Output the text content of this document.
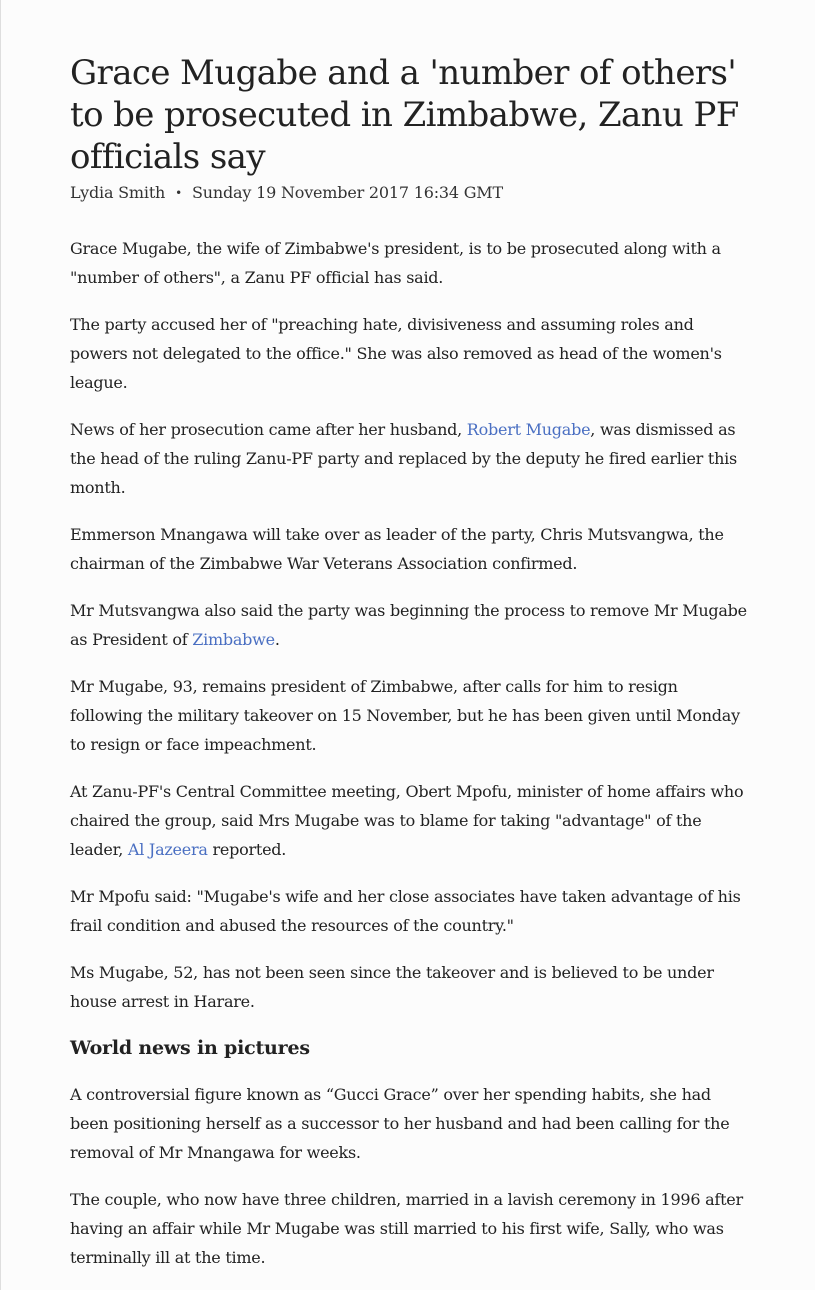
Grace Mugabe and a 'number of others' to be prosecuted in Zimbabwe, Zanu PF officials say
Lydia Smith • Sunday 19 November 2017 16:34 GMT

Grace Mugabe, the wife of Zimbabwe's president, is to be prosecuted along with a "number of others", a Zanu PF official has said.

The party accused her of "preaching hate, divisiveness and assuming roles and powers not delegated to the office." She was also removed as head of the women's league.

News of her prosecution came after her husband, Robert Mugabe, was dismissed as the head of the ruling Zanu-PF party and replaced by the deputy he fired earlier this month.

Emmerson Mnangawa will take over as leader of the party, Chris Mutsvangwa, the chairman of the Zimbabwe War Veterans Association confirmed.

Mr Mutsvangwa also said the party was beginning the process to remove Mr Mugabe as President of Zimbabwe.

Mr Mugabe, 93, remains president of Zimbabwe, after calls for him to resign following the military takeover on 15 November, but he has been given until Monday to resign or face impeachment.

At Zanu-PF's Central Committee meeting, Obert Mpofu, minister of home affairs who chaired the group, said Mrs Mugabe was to blame for taking "advantage" of the leader, Al Jazeera reported.

Mr Mpofu said: "Mugabe's wife and her close associates have taken advantage of his frail condition and abused the resources of the country."

Ms Mugabe, 52, has not been seen since the takeover and is believed to be under house arrest in Harare.

World news in pictures

A controversial figure known as “Gucci Grace” over her spending habits, she had been positioning herself as a successor to her husband and had been calling for the removal of Mr Mnangawa for weeks.

The couple, who now have three children, married in a lavish ceremony in 1996 after having an affair while Mr Mugabe was still married to his first wife, Sally, who was terminally ill at the time.
